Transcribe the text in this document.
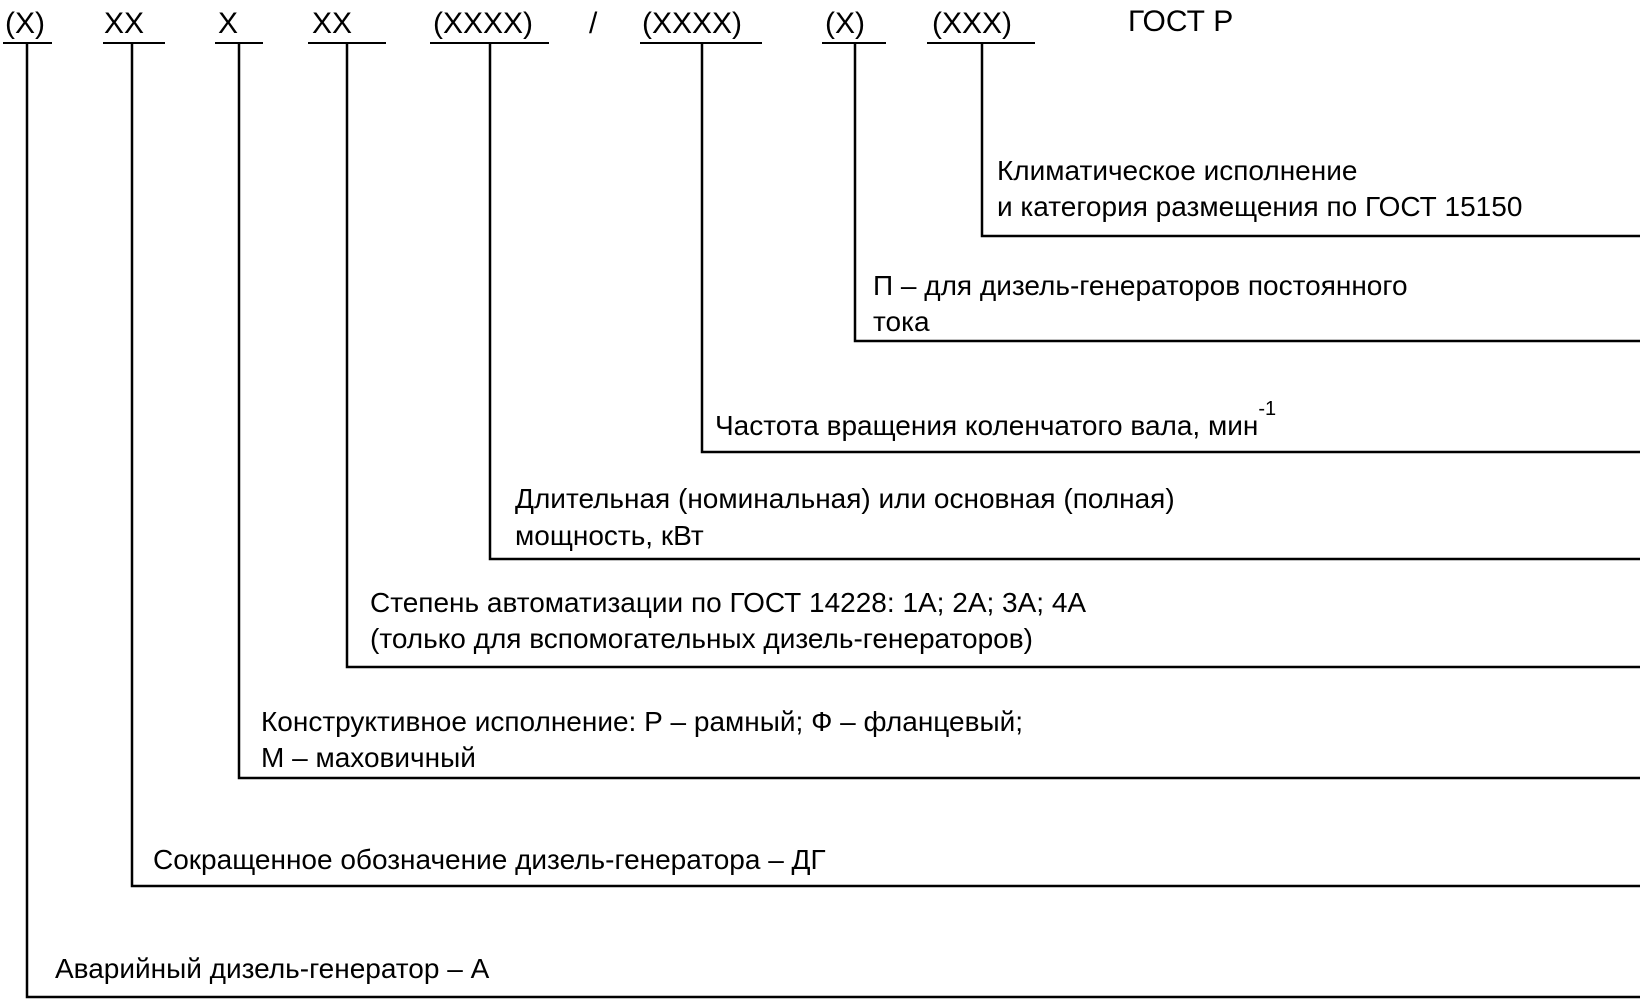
(X) XX X XX	(XXXX) / (XXXX)	(X) (XXX)	ГОСТ Р
Климатическое исполнение
и категория размещения по ГОСТ 15150
П – для дизель-генераторов постоянного
тока
Частота вращения коленчатого вала, мин$^{-1}$
Длительная (номинальная) или основная (полная)
мощность, кВт
Степень автоматизации по ГОСТ 14228: 1А; 2А; 3А; 4А
(только для вспомогательных дизель-генераторов)
Конструктивное исполнение: Р – рамный; Ф – фланцевый;
М – маховичный
Сокращенное обозначение дизель-генератора – ДГ
Аварийный дизель-генератор – А
